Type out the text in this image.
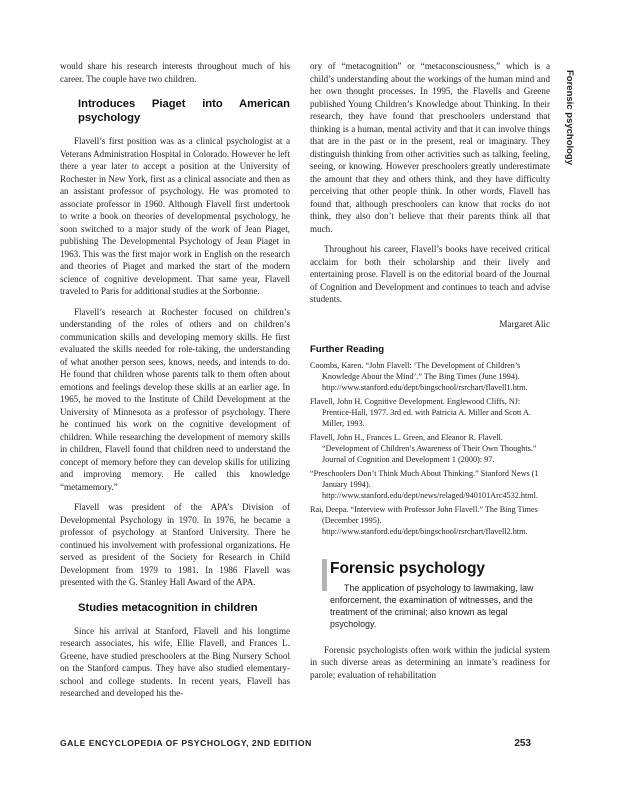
Forensic psychology

would share his research interests throughout much of his career. The couple have two children.

Introduces Piaget into American psychology

Flavell’s first position was as a clinical psychologist at a Veterans Administration Hospital in Colorado. However he left there a year later to accept a position at the University of Rochester in New York, first as a clinical associate and then as an assistant professor of psychology. He was promoted to associate professor in 1960. Although Flavell first undertook to write a book on theories of developmental psychology, he soon switched to a major study of the work of Jean Piaget, publishing The Developmental Psychology of Jean Piaget in 1963. This was the first major work in English on the research and theories of Piaget and marked the start of the modern science of cognitive development. That same year, Flavell traveled to Paris for additional studies at the Sorbonne.

Flavell’s research at Rochester focused on children’s understanding of the roles of others and on children’s communication skills and developing memory skills. He first evaluated the skills needed for role-taking, the understanding of what another person sees, knows, needs, and intends to do. He found that children whose parents talk to them often about emotions and feelings develop these skills at an earlier age. In 1965, he moved to the Institute of Child Development at the University of Minnesota as a professor of psychology. There he continued his work on the cognitive development of children. While researching the development of memory skills in children, Flavell found that children need to understand the concept of memory before they can develop skills for utilizing and improving memory. He called this knowledge “metamemory.”

Flavell was president of the APA’s Division of Developmental Psychology in 1970. In 1976, he became a professor of psychology at Stanford University. There he continued his involvement with professional organizations. He served as president of the Society for Research in Child Development from 1979 to 1981. In 1986 Flavell was presented with the G. Stanley Hall Award of the APA.

Studies metacognition in children

Since his arrival at Stanford, Flavell and his longtime research associates, his wife, Ellie Flavell, and Frances L. Greene, have studied preschoolers at the Bing Nursery School on the Stanford campus. They have also studied elementary-school and college students. In recent years, Flavell has researched and developed his the-

ory of “metacognition” or “metaconsciousness,” which is a child’s understanding about the workings of the human mind and her own thought processes. In 1995, the Flavells and Greene published Young Children’s Knowledge about Thinking. In their research, they have found that preschoolers understand that thinking is a human, mental activity and that it can involve things that are in the past or in the present, real or imaginary. They distinguish thinking from other activities such as talking, feeling, seeing, or knowing. However preschoolers greatly underestimate the amount that they and others think, and they have difficulty perceiving that other people think. In other words, Flavell has found that, although preschoolers can know that rocks do not think, they also don’t believe that their parents think all that much.

Throughout his career, Flavell’s books have received critical acclaim for both their scholarship and their lively and entertaining prose. Flavell is on the editorial board of the Journal of Cognition and Development and continues to teach and advise students.

Margaret Alic

Further Reading
Coombs, Karen. “John Flavell: ‘The Development of Children’s Knowledge About the Mind’.” The Bing Times (June 1994). http://www.stanford.edu/dept/bingschool/rsrchart/flavell1.htm.
Flavell, John H. Cognitive Development. Englewood Cliffs, NJ: Prentice-Hall, 1977. 3rd ed. with Patricia A. Miller and Scott A. Miller, 1993.
Flavell, John H., Frances L. Green, and Eleanor R. Flavell. “Development of Children’s Awareness of Their Own Thoughts.” Journal of Cognition and Development 1 (2000): 97.
“Preschoolers Don’t Think Much About Thinking.” Stanford News (1 January 1994). http://www.stanford.edu/dept/news/relaged/940101Arc4532.html.
Rai, Deepa. “Interview with Professor John Flavell.” The Bing Times (December 1995). http://www.stanford.edu/dept/bingschool/rsrchart/flavell2.htm.
Forensic psychology

The application of psychology to lawmaking, law enforcement, the examination of witnesses, and the treatment of the criminal; also known as legal psychology.

Forensic psychologists often work within the judicial system in such diverse areas as determining an inmate’s readiness for parole; evaluation of rehabilitation

GALE ENCYCLOPEDIA OF PSYCHOLOGY, 2ND EDITION	253
